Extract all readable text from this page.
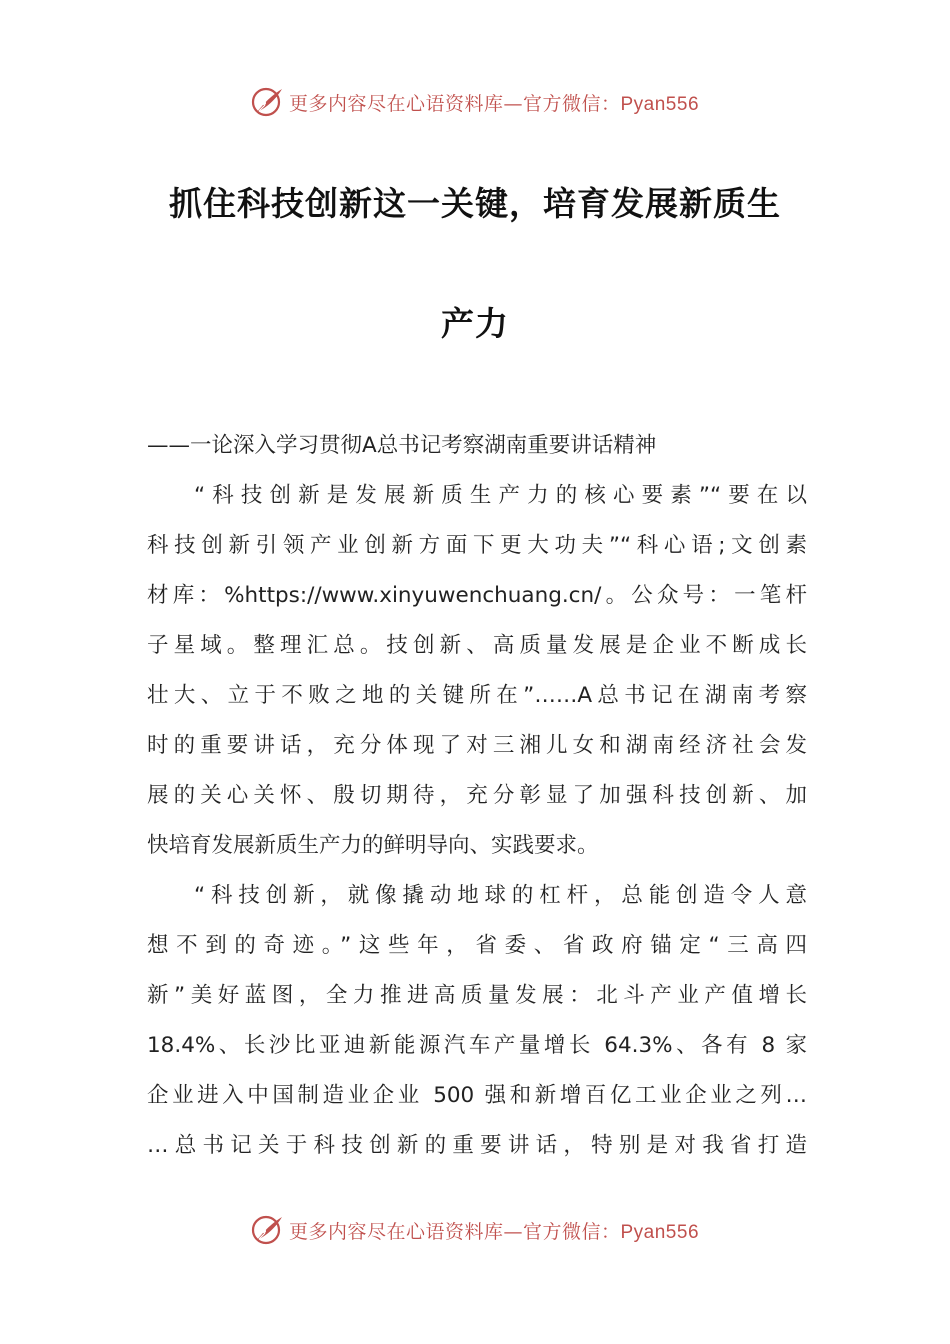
更多内容尽在心语资料库—官方微信：Pyan556
抓住科技创新这一关键，培育发展新质生
产力
——一论深入学习贯彻A总书记考察湖南重要讲话精神
“科技创新是发展新质生产力的核心要素”“要在以
科技创新引领产业创新方面下更大功夫”“科心语;文创素
材库：%https://www.xinyuwenchuang.cn/。公众号：一笔杆
子星域。整理汇总。技创新、高质量发展是企业不断成长
壮大、立于不败之地的关键所在”……A总书记在湖南考察
时的重要讲话，充分体现了对三湘儿女和湖南经济社会发
展的关心关怀、殷切期待，充分彰显了加强科技创新、加
快培育发展新质生产力的鲜明导向、实践要求。
“科技创新，就像撬动地球的杠杆，总能创造令人意
想不到的奇迹。”这些年，省委、省政府锚定“三高四
新”美好蓝图，全力推进高质量发展：北斗产业产值增长
18.4%、长沙比亚迪新能源汽车产量增长 64.3%、各有 8 家
企业进入中国制造业企业 500 强和新增百亿工业企业之列…
…总书记关于科技创新的重要讲话，特别是对我省打造
更多内容尽在心语资料库—官方微信：Pyan556
